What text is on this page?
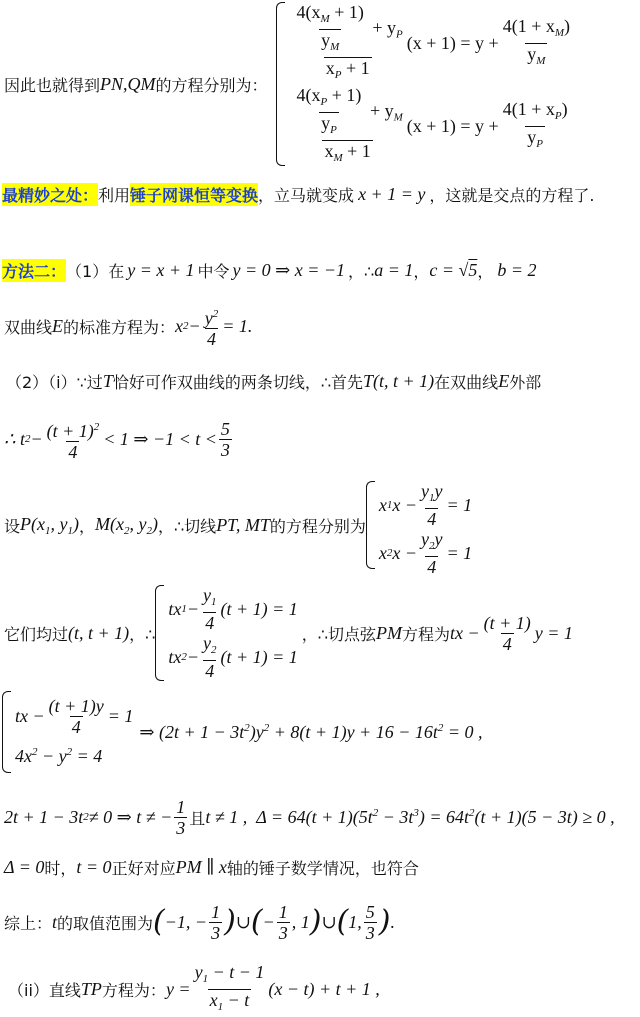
因此也就得到 PN , QM 的方程分别为： $\frac{\frac{4(x_M + 1)}{y_M} + y_P}{x_P + 1} (x + 1) = y + \frac{4(1 + x_M)}{y_M}$
$\frac{\frac{4(x_P + 1)}{y_P} + y_M}{x_M + 1} (x + 1) = y + \frac{4(1 + x_P)}{y_P}$
最精妙之处： 利用 锤子网课恒等变换 ，立马就变成 x + 1 = y ，这就是交点的方程了.
方法二： （1）在 y = x + 1 中令 y = 0 ⇒ x = −1 ，∴ a = 1 ， c = √5 ， b = 2
双曲线 E 的标准方程为： x $2 - \frac{y^2}{4} = 1$.
（2）（i）∵过 T 恰好可作双曲线的两条切线，∴首先 T(t, t + 1) 在双曲线 E 外部
∴ t $2 - \frac{(t + 1)^2}{4} < 1$ ⇒ $-1 < t < \frac{5}{3}$
设 $P(x_1$, $y_1$) ， $M(x_2$, $y_2$) ，∴切线 PT, MT 的方程分别为
x 1 $x - \frac{y_1y}{4} = 1$
x 2 $x - \frac{y_2y}{4} = 1$
它们均过 (t, t + 1) ，∴
tx $1 - \frac{y_1}{4} (t + 1) = 1$
tx $2 - \frac{y_2}{4} (t + 1) = 1$
，∴切点弦 PM 方程为 tx − $\frac{(t + 1)}{4}$ y = 1
tx − $\frac{(t + 1)y}{4} = 1$
$4x^2 - y^2 = 4$
⇒ $(2t + 1 - 3t^2)y^2 + 8(t + 1)y + 16 - 16t^2 = 0$ ,
2t + 1 − 3t 2 ≠ 0 ⇒ t ≠ − $\frac{1}{3}$ 且 t ≠ 1 ,  $\Delta = 64(t + 1)(5t^2 - 3t^3) = 64t^2(t + 1)(5 - 3t) \ge 0$ ,
Δ = 0 时， t = 0 正好对应 PM ∥ x 轴的锤子数学情况，也符合
综上： t 的取值范围为 ( −1, − $\frac{1}{3}$ ) ∪ ( − $\frac{1}{3}$ , 1 ) ∪ ( 1, $\frac{5}{3}$ ) .
（ii）直线 TP 方程为： $y = \frac{y_1 - t - 1}{x_1 - t} (x - t) + t + 1$ ,
